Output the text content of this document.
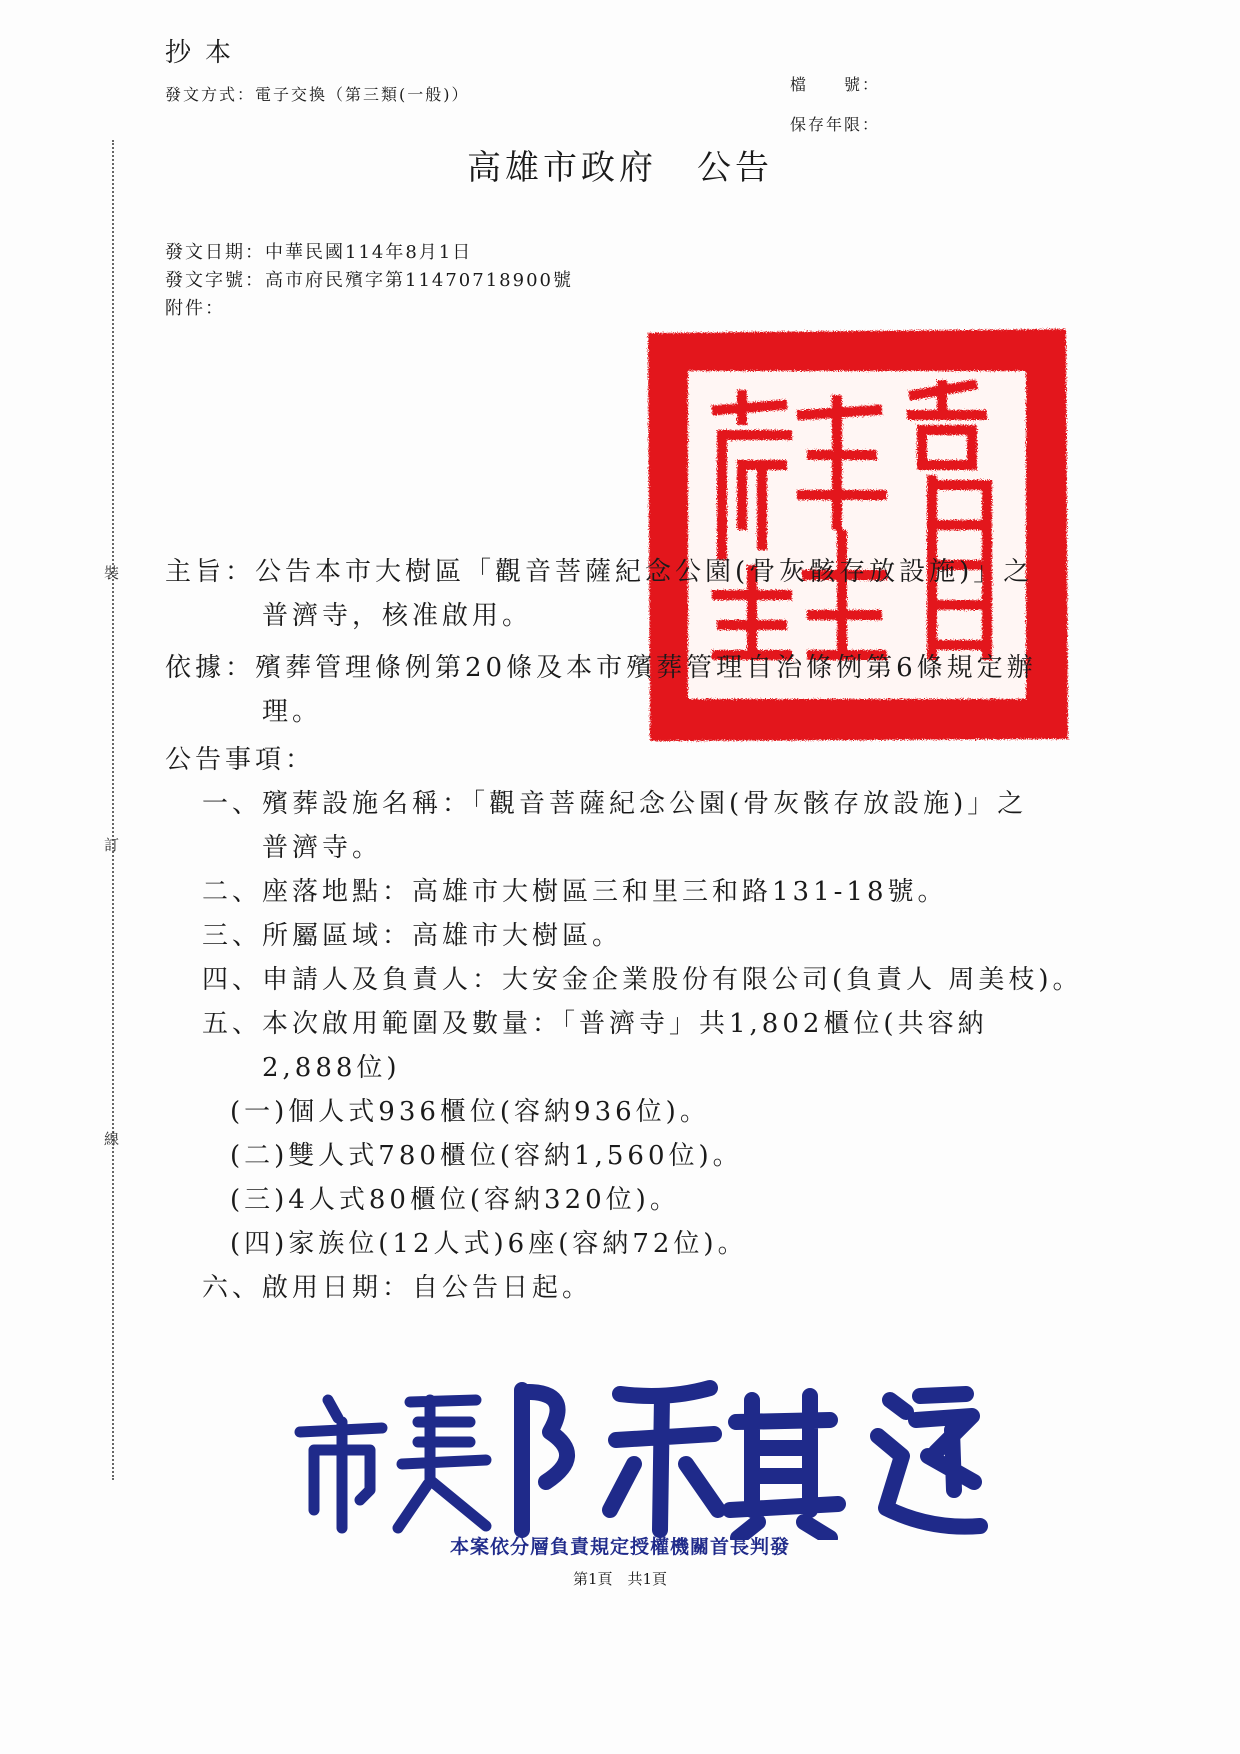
抄本
發文方式：電子交換（第三類(一般)）
檔　　號：
保存年限：
裝
訂
線
高雄市政府 公告
發文日期：中華民國114年8月1日
發文字號：高市府民殯字第11470718900號
附件：
主旨：公告本市大樹區「觀音菩薩紀念公園(骨灰骸存放設施)」之
普濟寺，核准啟用。
依據：殯葬管理條例第20條及本市殯葬管理自治條例第6條規定辦
理。
公告事項：
一、殯葬設施名稱：「觀音菩薩紀念公園(骨灰骸存放設施)」之
普濟寺。
二、座落地點：高雄市大樹區三和里三和路131-18號。
三、所屬區域：高雄市大樹區。
四、申請人及負責人：大安金企業股份有限公司(負責人 周美枝)。
五、本次啟用範圍及數量：「普濟寺」共1,802櫃位(共容納
2,888位)
(一)個人式936櫃位(容納936位)。
(二)雙人式780櫃位(容納1,560位)。
(三)4人式80櫃位(容納320位)。
(四)家族位(12人式)6座(容納72位)。
六、啟用日期：自公告日起。
本案依分層負責規定授權機關首長判發
第1頁　共1頁
